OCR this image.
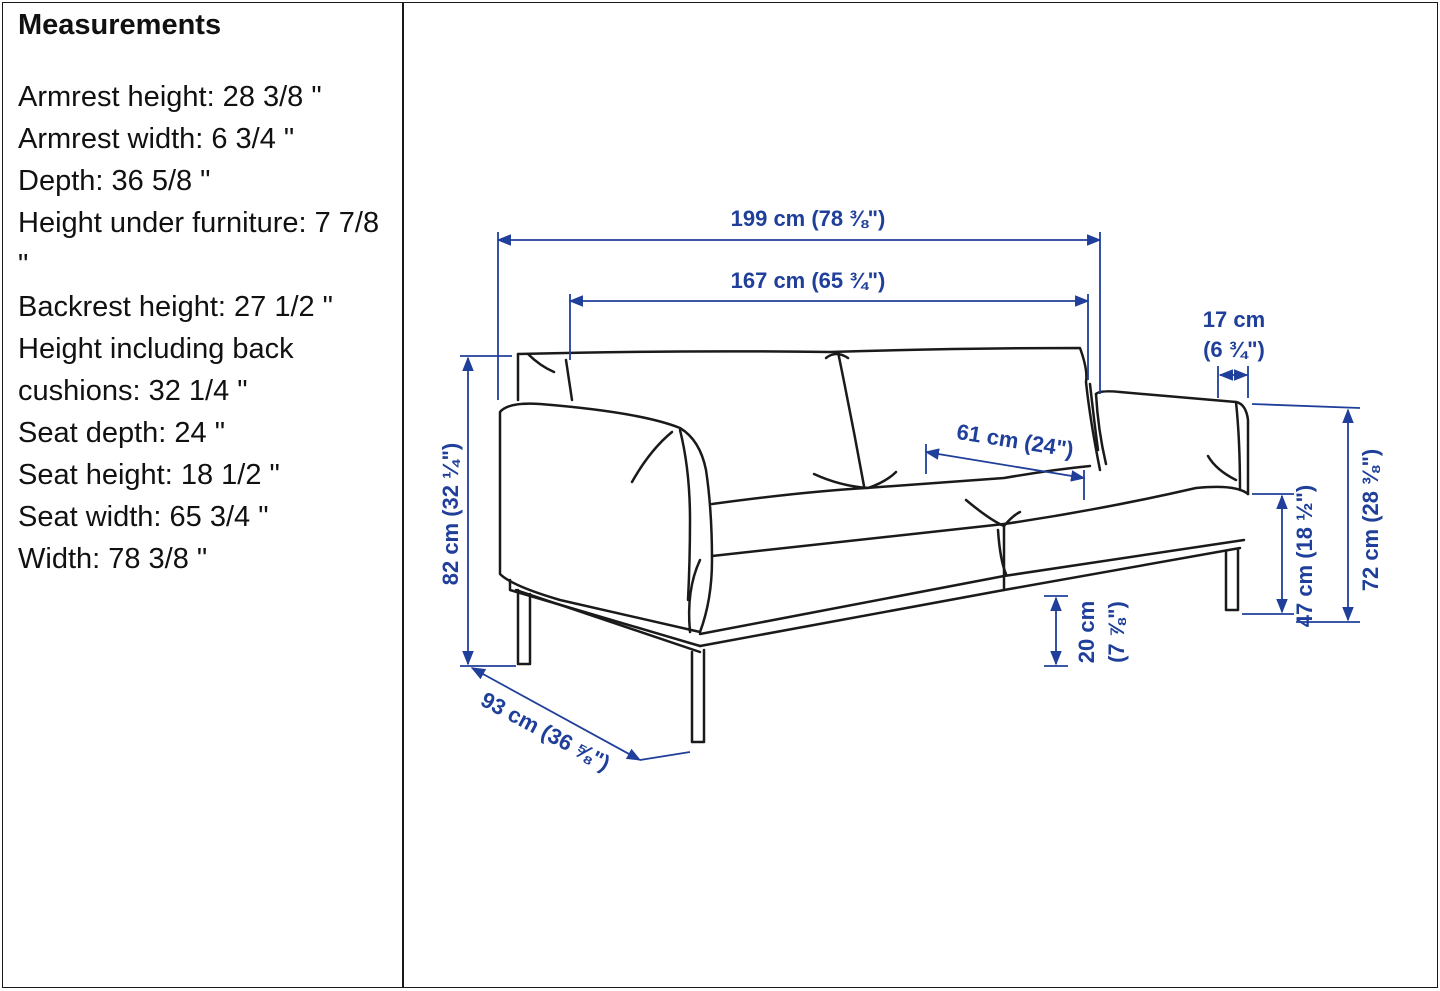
Measurements
Armrest height: 28 3/8 "
Armrest width: 6 3/4 "
Depth: 36 5/8 "
Height under furniture: 7 7/8 "
Backrest height: 27 1/2 "
Height including back cushions: 32 1/4 "
Seat depth: 24 "
Seat height: 18 1/2 "
Seat width: 65 3/4 "
Width: 78 3/8 "
199 cm (78 ⅜")
167 cm (65 ¾")
17 cm
(6 ¾")
61 cm (24")
82 cm (32 ¼")
93 cm (36 ⅝")
20 cm (7 ⅞")
47 cm (18 ½") 72 cm (28 ⅜")
